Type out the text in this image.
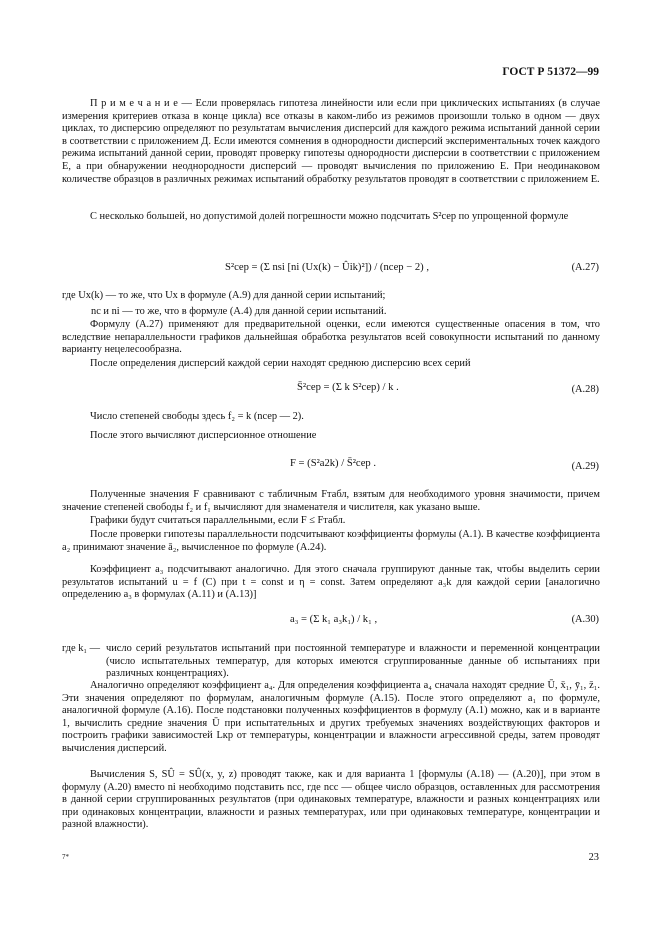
ГОСТ Р 51372—99
П р и м е ч а н и е — Если проверялась гипотеза линейности или если при циклических испытаниях (в случае измерения критериев отказа в конце цикла) все отказы в каком-либо из режимов произошли только в одном — двух циклах, то дисперсию определяют по результатам вычисления дисперсий для каждого режима испытаний данной серии в соответствии с приложением Д. Если имеются сомнения в однородности дисперсий экспериментальных точек каждого режима испытаний данной серии, проводят проверку гипотезы однородности дисперсии в соответствии с приложением Е, а при обнаружении неоднородности дисперсий — проводят вычисления по приложению Е. При неодинаковом количестве образцов в различных режимах испытаний обработку результатов проводят в соответствии с приложением Е.
С несколько большей, но допустимой долей погрешности можно подсчитать S²сер по упрощенной формуле
S²сер = (Σ nsi [ni (Ux(k) − Ûik)²]) / (nсер − 2) ,	(А.27)
где Ux(k) — то же, что Ux в формуле (А.9) для данной серии испытаний;
nс и ni — то же, что в формуле (А.4) для данной серии испытаний.
Формулу (А.27) применяют для предварительной оценки, если имеются существенные опасения в том, что вследствие непараллельности графиков дальнейшая обработка результатов всей совокупности испытаний по данному варианту нецелесообразна.
После определения дисперсий каждой серии находят среднюю дисперсию всех серий
S̄²сер = (Σ k S²сер) / k .	(А.28)
Число степеней свободы здесь f₂ = k (nсер — 2).
После этого вычисляют дисперсионное отношение
F = (S²а2k) / S̄²сер .	(А.29)
Полученные значения F сравнивают с табличным Fтабл, взятым для необходимого уровня значимости, причем значение степеней свободы f₂ и f₁ вычисляют для знаменателя и числителя, как указано выше.
Графики будут считаться параллельными, если F ≤ Fтабл.
После проверки гипотезы параллельности подсчитывают коэффициенты формулы (А.1). В качестве коэффициента a₂ принимают значение ā₂, вычисленное по формуле (А.24).
Коэффициент a₃ подсчитывают аналогично. Для этого сначала группируют данные так, чтобы выделить серии результатов испытаний u = f (C) при t = const и η = const. Затем определяют a₃k для каждой серии [аналогично определению a₃ в формулах (А.11) и (А.13)]
a₃ = (Σ k₁ a₃k₁) / k₁ ,	(А.30)
где k₁ — число серий результатов испытаний при постоянной температуре и влажности и переменной концентрации (число испытательных температур, для которых имеются сгруппированные данные об испытаниях при различных концентрациях).
Аналогично определяют коэффициент a₄. Для определения коэффициента a₄ сначала находят средние Ū, x̄₁, ȳ₁, z̄₁. Эти значения определяют по формулам, аналогичным формуле (А.15). После этого определяют a₁ по формуле, аналогичной формуле (А.16). После подстановки полученных коэффициентов в формулу (А.1) можно, как и в варианте 1, вычислить средние значения Ū при испытательных и других требуемых значениях воздействующих факторов и построить графики зависимостей Lкр от температуры, концентрации и влажности агрессивной среды, затем проводят вычисления дисперсий.
Вычисления S, SÛ = SÛ(x, y, z) проводят также, как и для варианта 1 [формулы (А.18) — (А.20)], при этом в формулу (А.20) вместо ni необходимо подставить nсс, где nсс — общее число образцов, оставленных для рассмотрения в данной серии сгруппированных результатов (при одинаковых температуре, влажности и разных концентрациях или при одинаковых концентрации, влажности и разных температурах, или при одинаковых температуре, концентрации и разной влажности).
7*	23
